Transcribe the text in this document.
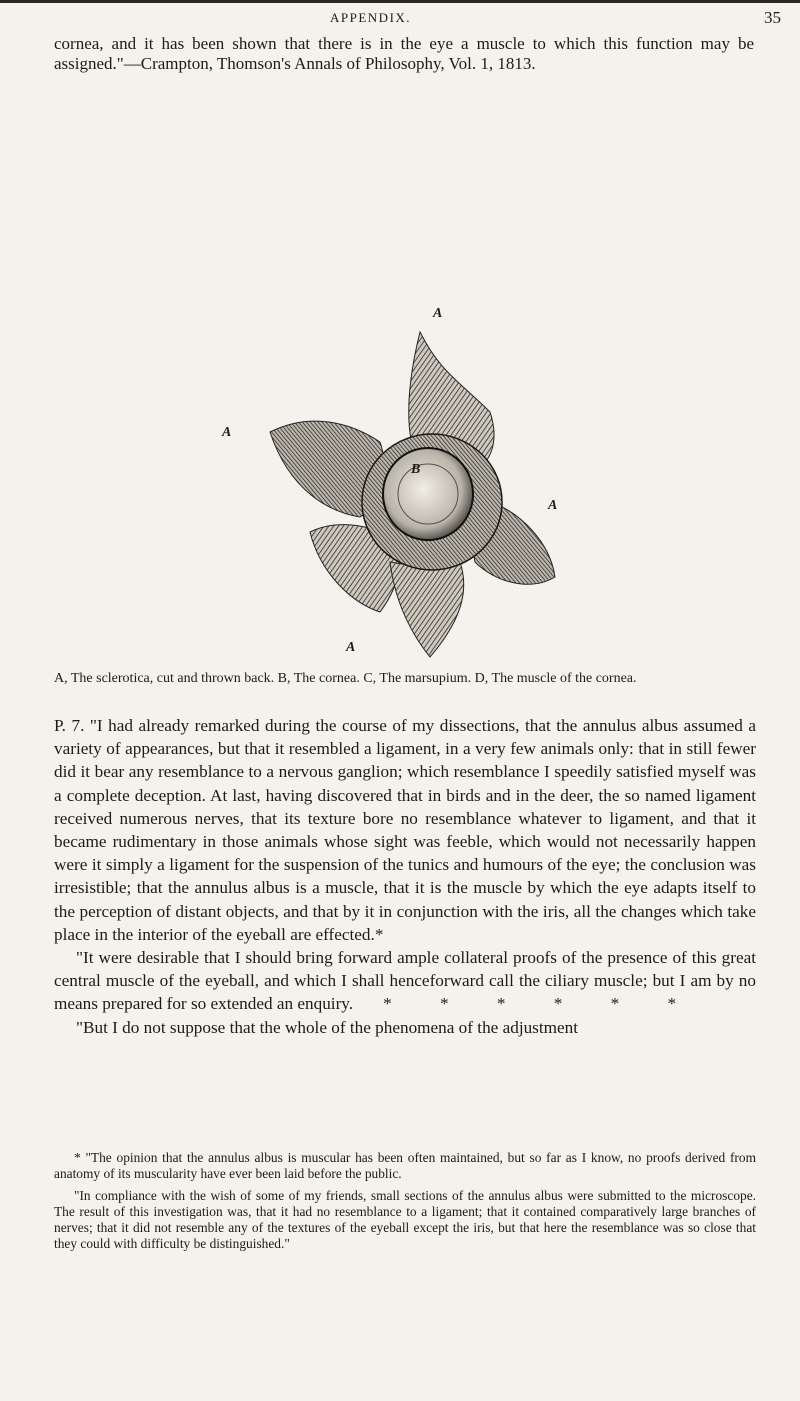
APPENDIX.	35
cornea, and it has been shown that there is in the eye a muscle to which this function may be assigned."—Crampton, Thomson's Annals of Philosophy, Vol. 1, 1813.
A
A
B
A
A
A, The sclerotica, cut and thrown back. B, The cornea. C, The marsupium. D, The muscle of the cornea.

P. 7. "I had already remarked during the course of my dissections, that the annulus albus assumed a variety of appearances, but that it resembled a ligament, in a very few animals only: that in still fewer did it bear any resemblance to a nervous ganglion; which resemblance I speedily satisfied myself was a complete deception. At last, having discovered that in birds and in the deer, the so named ligament received numerous nerves, that its texture bore no resemblance whatever to ligament, and that it became rudimentary in those animals whose sight was feeble, which would not necessarily happen were it simply a ligament for the suspension of the tunics and humours of the eye; the conclusion was irresistible; that the annulus albus is a muscle, that it is the muscle by which the eye adapts itself to the perception of distant objects, and that by it in conjunction with the iris, all the changes which take place in the interior of the eyeball are effected.*

"It were desirable that I should bring forward ample collateral proofs of the presence of this great central muscle of the eyeball, and which I shall henceforward call the ciliary muscle; but I am by no means prepared for so extended an enquiry. * * * * * *

"But I do not suppose that the whole of the phenomena of the adjustment

* "The opinion that the annulus albus is muscular has been often maintained, but so far as I know, no proofs derived from anatomy of its muscularity have ever been laid before the public.

"In compliance with the wish of some of my friends, small sections of the annulus albus were submitted to the microscope. The result of this investigation was, that it had no resemblance to a ligament; that it contained comparatively large branches of nerves; that it did not resemble any of the textures of the eyeball except the iris, but that here the resemblance was so close that they could with difficulty be distinguished."
